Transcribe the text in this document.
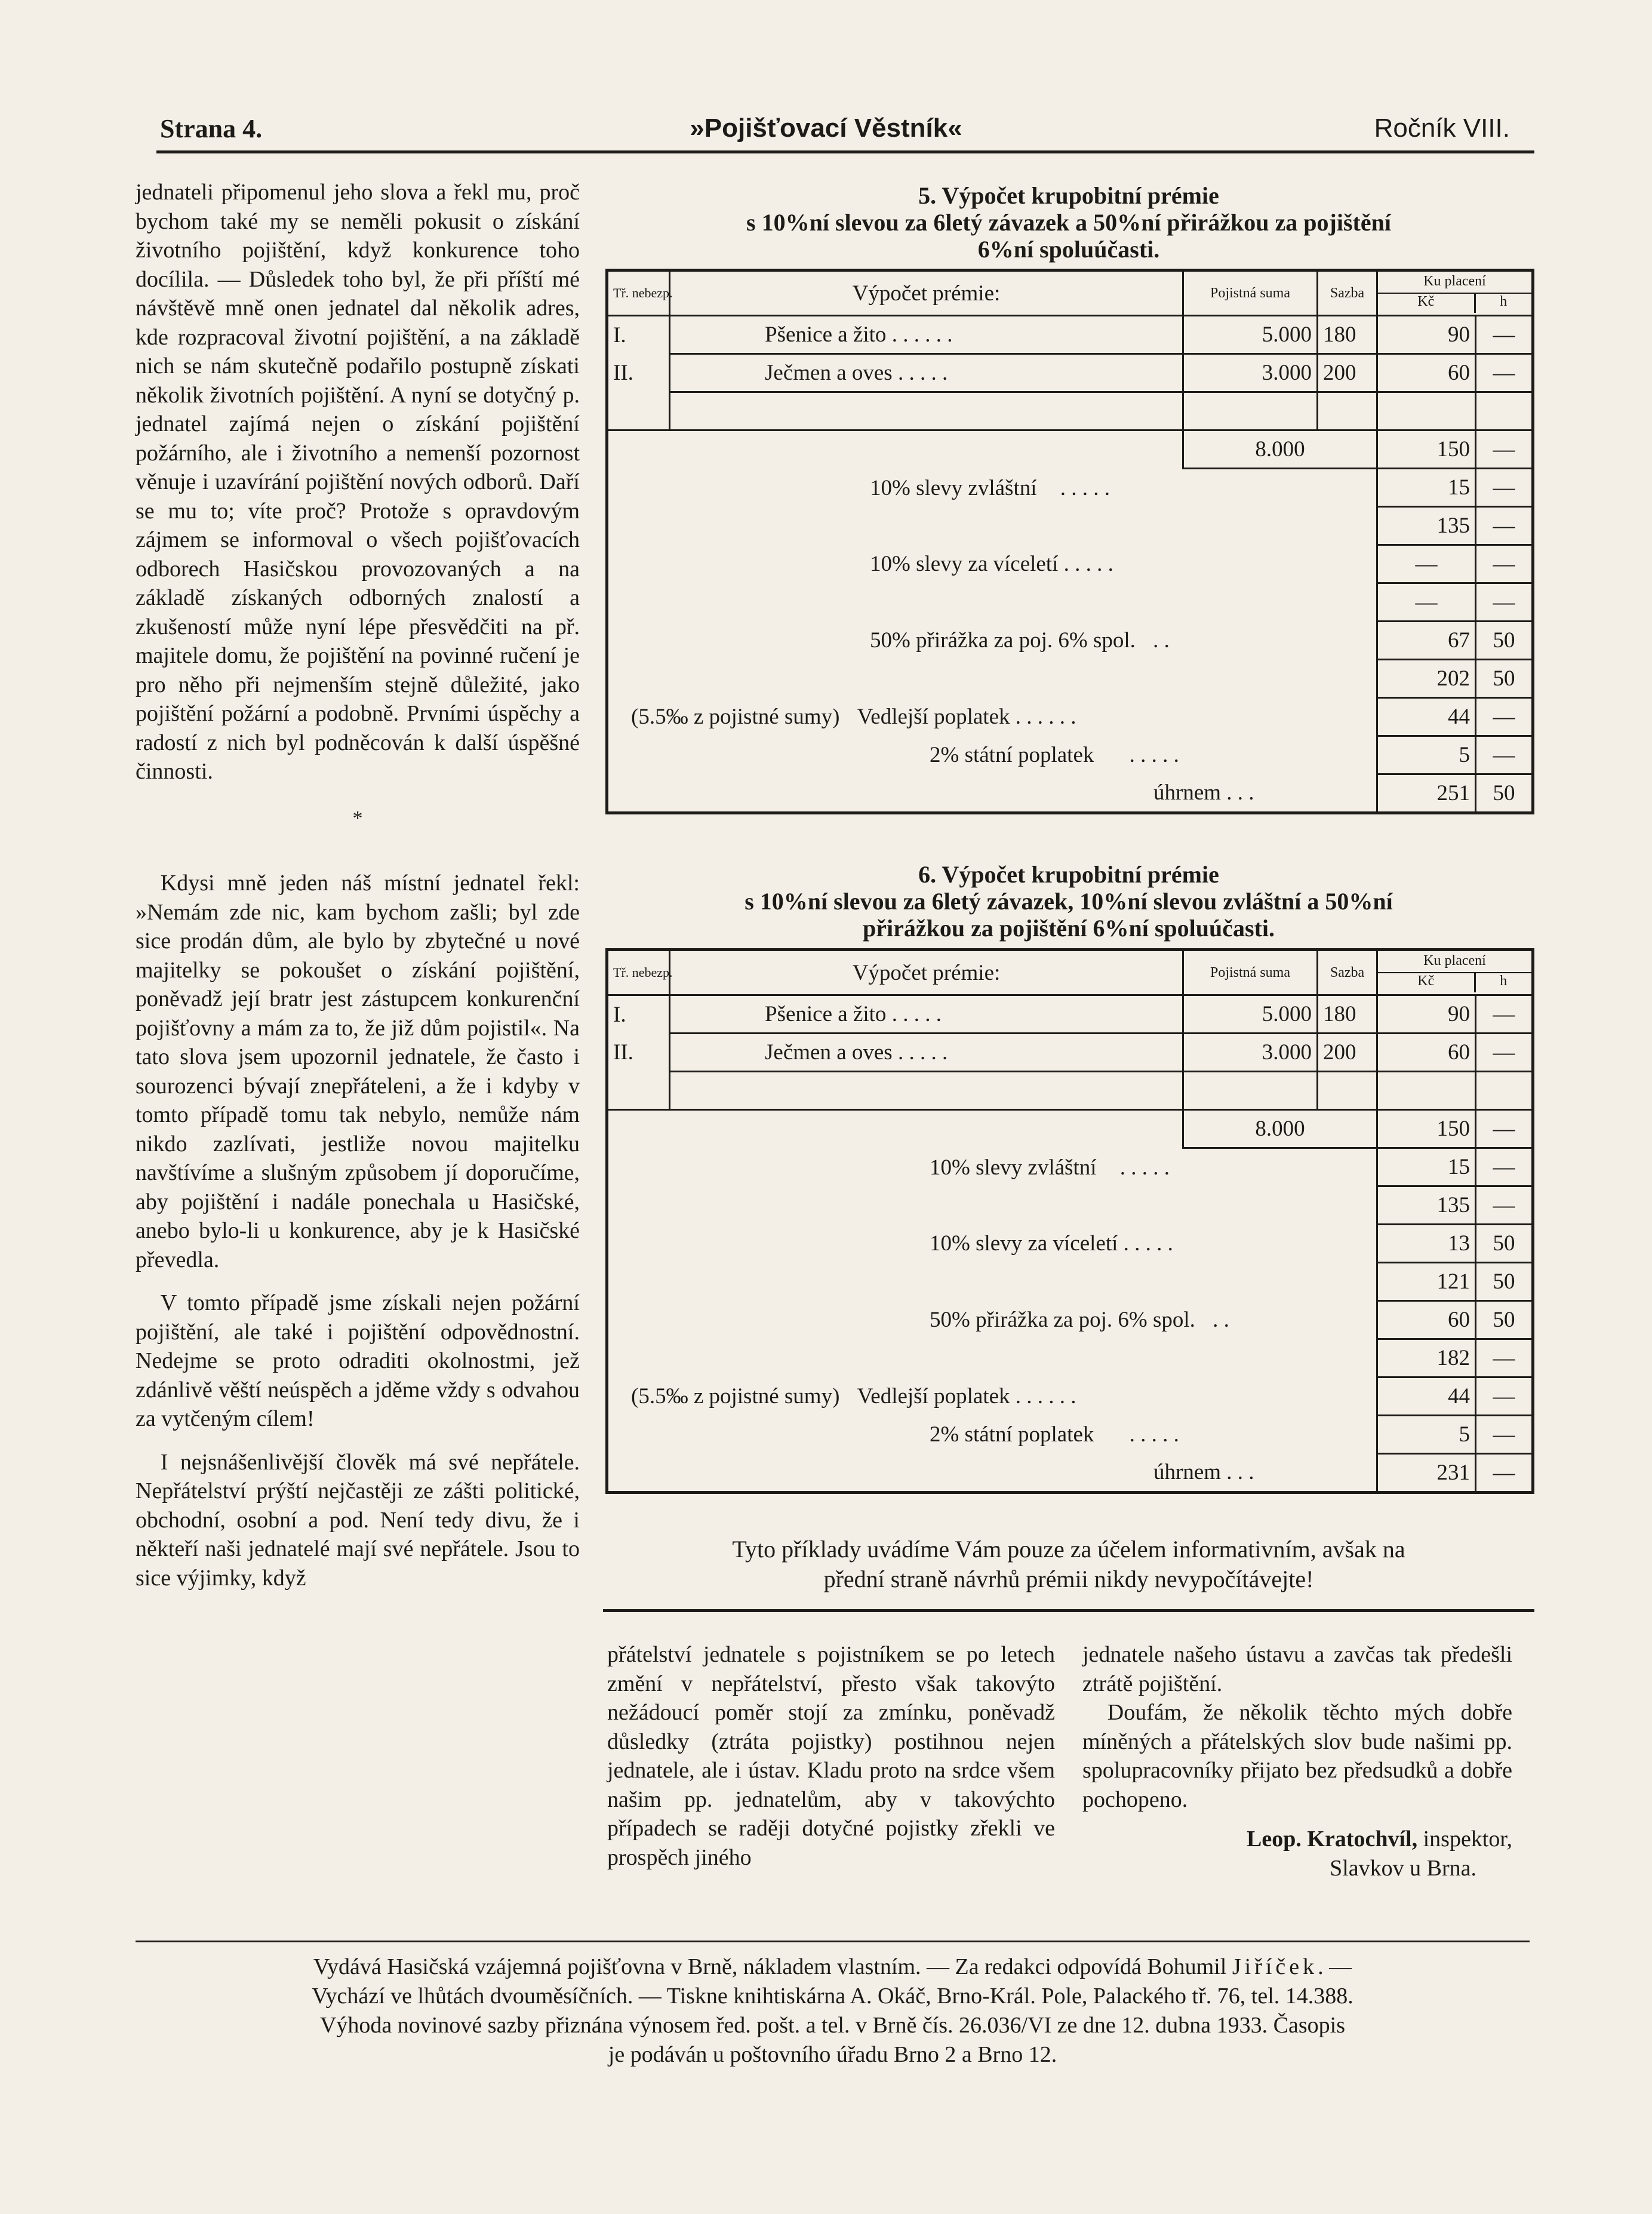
Strana 4.	»Pojišťovací Věstník«	Ročník VIII.

jednateli připomenul jeho slova a řekl mu, proč bychom také my se neměli pokusit o získání životního pojištění, když konkurence toho docílila. — Důsledek toho byl, že při příští mé návštěvě mně onen jednatel dal několik adres, kde rozpracoval životní pojištění, a na základě nich se nám skutečně podařilo postupně získati několik životních pojištění. A nyní se dotyčný p. jednatel zajímá nejen o získání pojištění požárního, ale i životního a nemenší pozornost věnuje i uzavírání pojištění nových odborů. Daří se mu to; víte proč? Protože s opravdovým zájmem se informoval o všech pojišťovacích odborech Hasičskou provozovaných a na základě získaných odborných znalostí a zkušeností může nyní lépe přesvědčiti na př. majitele domu, že pojištění na povinné ručení je pro něho při nejmenším stejně důležité, jako pojištění požární a podobně. Prvními úspěchy a radostí z nich byl podněcován k další úspěšné činnosti.

*

Kdysi mně jeden náš místní jednatel řekl: »Nemám zde nic, kam bychom zašli; byl zde sice prodán dům, ale bylo by zbytečné u nové majitelky se pokoušet o získání pojištění, poněvadž její bratr jest zástupcem konkurenční pojišťovny a mám za to, že již dům pojistil«. Na tato slova jsem upozornil jednatele, že často i sourozenci bývají znepřáteleni, a že i kdyby v tomto případě tomu tak nebylo, nemůže nám nikdo zazlívati, jestliže novou majitelku navštívíme a slušným způsobem jí doporučíme, aby pojištění i nadále ponechala u Hasičské, anebo bylo-li u konkurence, aby je k Hasičské převedla.

V tomto případě jsme získali nejen požární pojištění, ale také i pojištění odpovědnostní. Nedejme se proto odraditi okolnostmi, jež zdánlivě věští neúspěch a jděme vždy s odvahou za vytčeným cílem!

I nejsnášenlivější člověk má své nepřátele. Nepřátelství prýští nejčastěji ze zášti politické, obchodní, osobní a pod. Není tedy divu, že i někteří naši jednatelé mají své nepřátele. Jsou to sice výjimky, když

5. Výpočet krupobitní prémie
s 10%ní slevou za 6letý závazek a 50%ní přirážkou za pojištění
6%ní spoluúčasti.
Tř. nebezp.	Výpočet prémie:	Pojistná suma	Sazba	Ku placení
Kč h	

I.	Pšenice a žito . . . . . .	5.000	180	90	—
II.	Ječmen a oves . . . . .	3.000	200	60	—

		8.000		150	—
10% slevy zvláštní . . . . .				15	—
				135	—
10% slevy za víceletí . . . . .				—	—
				—	—
50% přirážka za poj. 6% spol. . .				67	50
				202	50
(5.5‰ z pojistné sumy) Vedlejší poplatek . . . . . .				44	—
2% státní poplatek . . . . .				5	—
úhrnem . . .				251	50
6. Výpočet krupobitní prémie
s 10%ní slevou za 6letý závazek, 10%ní slevou zvláštní a 50%ní
přirážkou za pojištění 6%ní spoluúčasti.
Tř. nebezp.	Výpočet prémie:	Pojistná suma	Sazba	Ku placení
Kč h	

I.	Pšenice a žito . . . . .	5.000	180	90	—
II.	Ječmen a oves . . . . .	3.000	200	60	—

		8.000		150	—
10% slevy zvláštní . . . . .				15	—
				135	—
10% slevy za víceletí . . . . .				13	50
				121	50
50% přirážka za poj. 6% spol. . .				60	50
				182	—
(5.5‰ z pojistné sumy) Vedlejší poplatek . . . . . .				44	—
2% státní poplatek . . . . .				5	—
úhrnem . . .				231	—
Tyto příklady uvádíme Vám pouze za účelem informativním, avšak na
přední straně návrhů prémii nikdy nevypočítávejte!

přátelství jednatele s pojistníkem se po letech změní v nepřátelství, přesto však takovýto nežádoucí poměr stojí za zmínku, poněvadž důsledky (ztráta pojistky) postihnou nejen jednatele, ale i ústav. Kladu proto na srdce všem našim pp. jednatelům, aby v takovýchto případech se raději dotyčné pojistky zřekli ve prospěch jiného

jednatele našeho ústavu a zavčas tak předešli ztrátě pojištění.

Doufám, že několik těchto mých dobře míněných a přátelských slov bude našimi pp. spolupracovníky přijato bez předsudků a dobře pochopeno.

Leop. Kratochvíl, inspektor,
Slavkov u Brna.
Vydává Hasičská vzájemná pojišťovna v Brně, nákladem vlastním. — Za redakci odpovídá Bohumil Jiříček. —
Vychází ve lhůtách dvouměsíčních. — Tiskne knihtiskárna A. Okáč, Brno-Král. Pole, Palackého tř. 76, tel. 14.388.
Výhoda novinové sazby přiznána výnosem řed. pošt. a tel. v Brně čís. 26.036/VI ze dne 12. dubna 1933. Časopis
je podáván u poštovního úřadu Brno 2 a Brno 12.
